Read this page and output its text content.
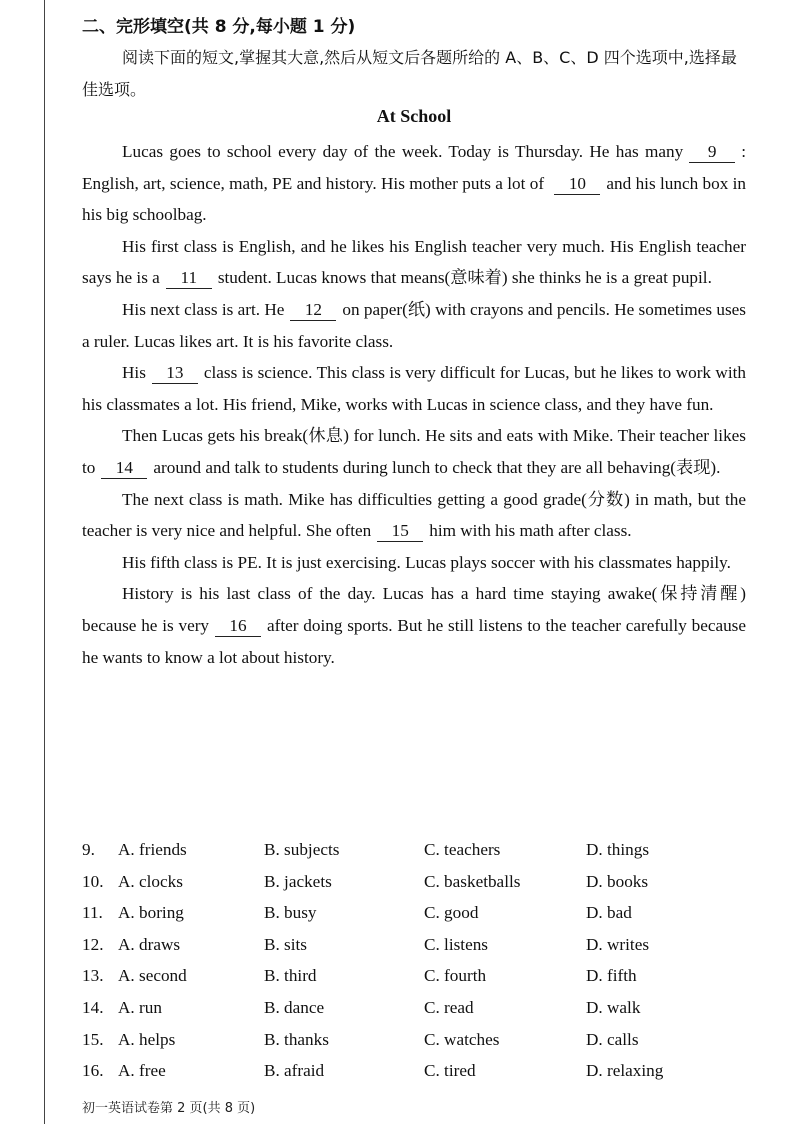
二、完形填空(共 8 分,每小题 1 分)

阅读下面的短文,掌握其大意,然后从短文后各题所给的 A、B、C、D 四个选项中,选择最佳选项。

At School

Lucas goes to school every day of the week. Today is Thursday. He has many 9 : English, art, science, math, PE and history. His mother puts a lot of 10 and his lunch box in his big schoolbag.

His first class is English, and he likes his English teacher very much. His English teacher says he is a 11 student. Lucas knows that means(意味着) she thinks he is a great pupil.

His next class is art. He 12 on paper(纸) with crayons and pencils. He sometimes uses a ruler. Lucas likes art. It is his favorite class.

His 13 class is science. This class is very difficult for Lucas, but he likes to work with his classmates a lot. His friend, Mike, works with Lucas in science class, and they have fun.

Then Lucas gets his break(休息) for lunch. He sits and eats with Mike. Their teacher likes to 14 around and talk to students during lunch to check that they are all behaving(表现).

The next class is math. Mike has difficulties getting a good grade(分数) in math, but the teacher is very nice and helpful. She often 15 him with his math after class.

His fifth class is PE. It is just exercising. Lucas plays soccer with his classmates happily.

History is his last class of the day. Lucas has a hard time staying awake(保持清醒) because he is very 16 after doing sports. But he still listens to the teacher carefully because he wants to know a lot about history.

9. A. friends	B. subjects	C. teachers	D. things
10. A. clocks	B. jackets	C. basketballs	D. books
11. A. boring	B. busy	C. good	D. bad
12. A. draws	B. sits	C. listens	D. writes
13. A. second	B. third	C. fourth	D. fifth
14. A. run	B. dance	C. read	D. walk
15. A. helps	B. thanks	C. watches	D. calls
16. A. free	B. afraid	C. tired	D. relaxing
初一英语试卷第 2 页(共 8 页)
